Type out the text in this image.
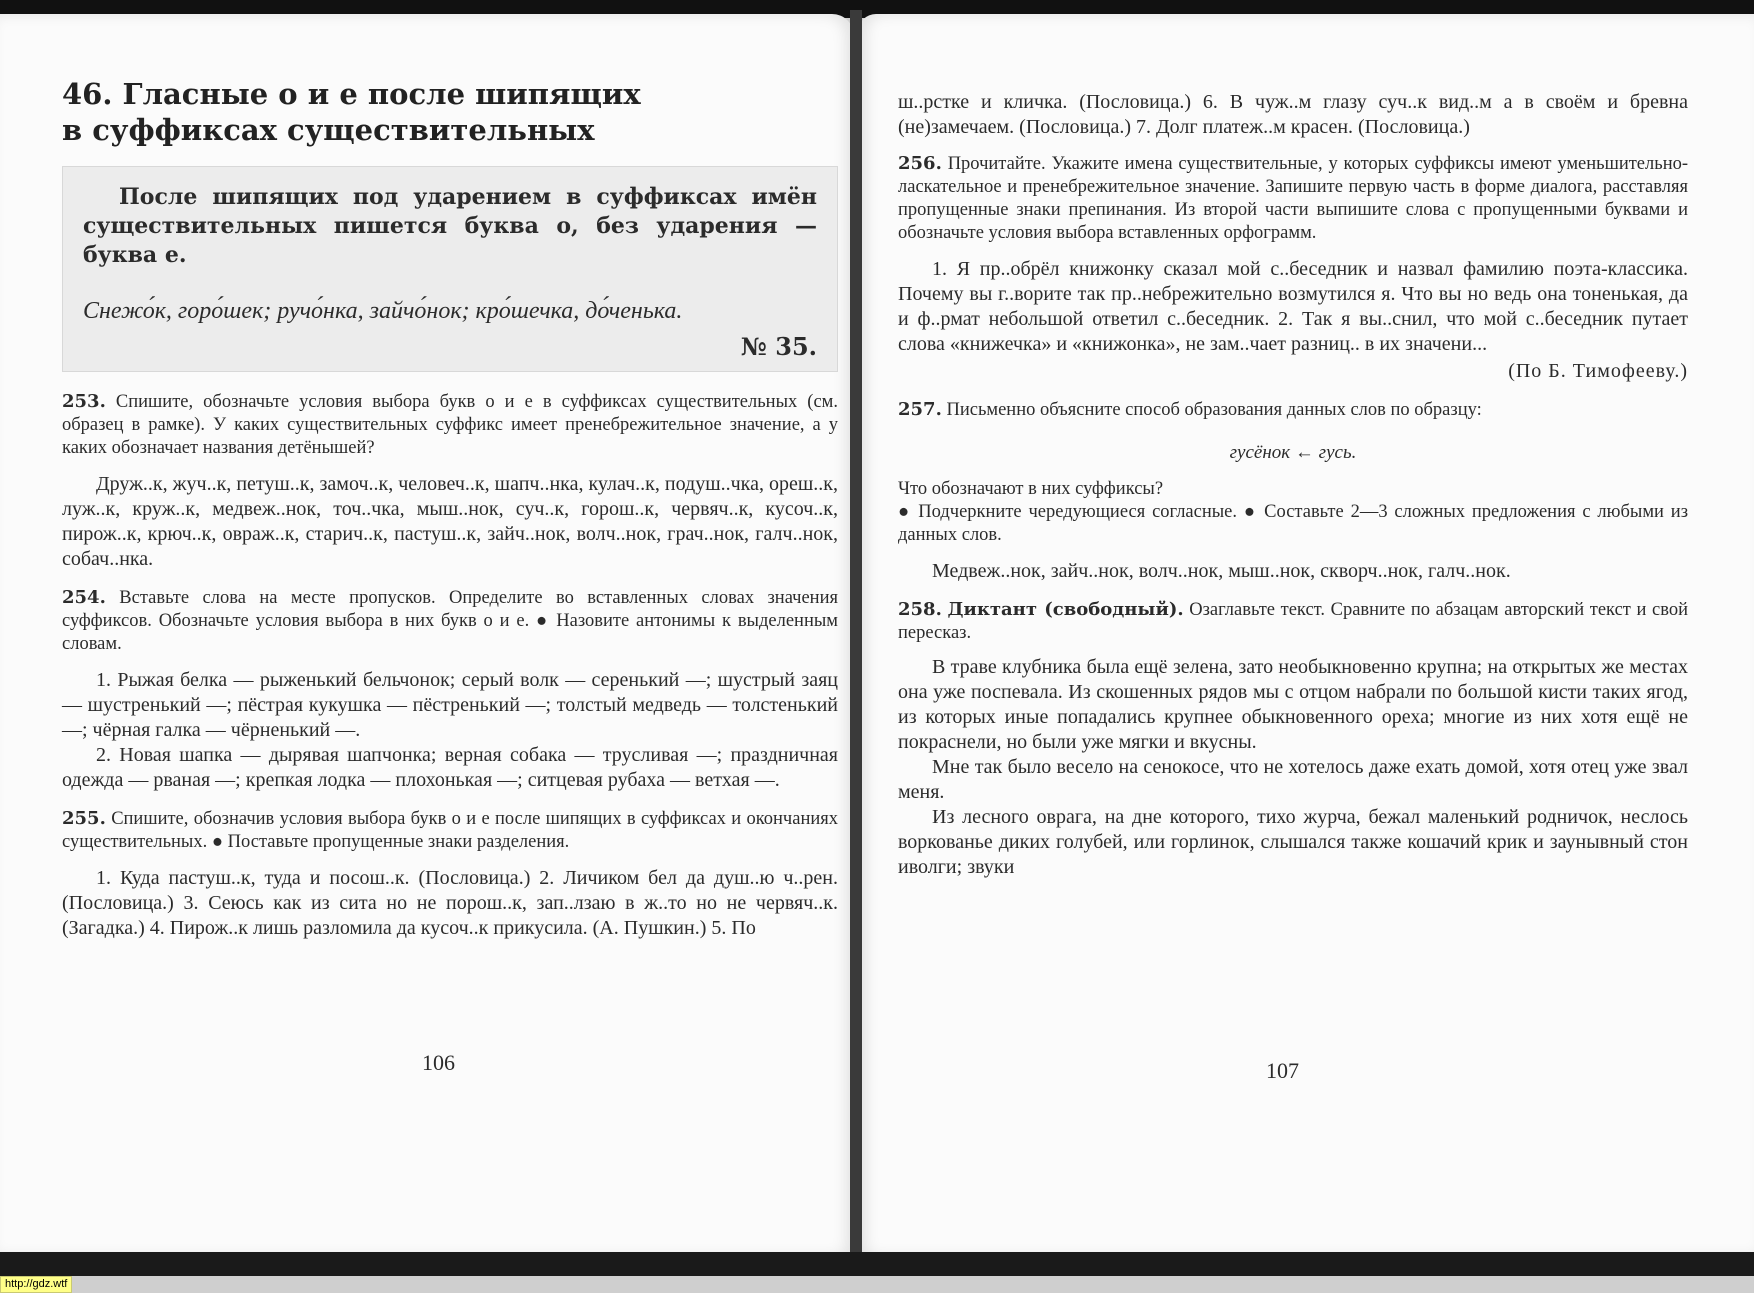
46. Гласные о и е после шипящих
в суффиксах существительных

После шипящих под ударением в суффиксах имён существительных пишется буква о, без ударения — буква е.

Снежо́к, горо́шек; ручо́нка, зайчо́нок; кро́шечка, до́ченька.
№ 35.

253. Спишите, обозначьте условия выбора букв о и е в суффиксах существительных (см. образец в рамке). У каких существительных суффикс имеет пренебрежительное значение, а у каких обозначает названия детёнышей?

Друж..к, жуч..к, петуш..к, замоч..к, человеч..к, шапч..нка, кулач..к, подуш..чка, ореш..к, луж..к, круж..к, медвеж..нок, точ..чка, мыш..нок, суч..к, горош..к, червяч..к, кусоч..к, пирож..к, крюч..к, овраж..к, старич..к, пастуш..к, зайч..нок, волч..нок, грач..нок, галч..нок, собач..нка.

254. Вставьте слова на месте пропусков. Определите во вставленных словах значения суффиксов. Обозначьте условия выбора в них букв о и е. ● Назовите антонимы к выделенным словам.

1. Рыжая белка — рыженький бельчонок; серый волк — серенький —; шустрый заяц — шустренький —; пёстрая кукушка — пёстренький —; толстый медведь — толстенький —; чёрная галка — чёрненький —.

2. Новая шапка — дырявая шапчонка; верная собака — трусливая —; праздничная одежда — рваная —; крепкая лодка — плохонькая —; ситцевая рубаха — ветхая —.

255. Спишите, обозначив условия выбора букв о и е после шипящих в суффиксах и окончаниях существительных. ● Поставьте пропущенные знаки разделения.

1. Куда пастуш..к, туда и посош..к. (Пословица.) 2. Личиком бел да душ..ю ч..рен. (Пословица.) 3. Сеюсь как из сита но не порош..к, зап..лзаю в ж..то но не червяч..к. (Загадка.) 4. Пирож..к лишь разломила да кусоч..к прикусила. (А. Пушкин.) 5. По

106

ш..рстке и кличка. (Пословица.) 6. В чуж..м глазу суч..к вид..м а в своём и бревна (не)замечаем. (Пословица.) 7. Долг платеж..м красен. (Пословица.)

256. Прочитайте. Укажите имена существительные, у которых суффиксы имеют уменьшительно-ласкательное и пренебрежительное значение. Запишите первую часть в форме диалога, расставляя пропущенные знаки препинания. Из второй части выпишите слова с пропущенными буквами и обозначьте условия выбора вставленных орфограмм.

1. Я пр..обрёл книжонку сказал мой с..беседник и назвал фамилию поэта-классика. Почему вы г..ворите так пр..небрежительно возмутился я. Что вы но ведь она тоненькая, да и ф..рмат небольшой ответил с..беседник. 2. Так я вы..снил, что мой с..беседник путает слова «книжечка» и «книжонка», не зам..чает разниц.. в их значени...

(По Б. Тимофееву.)

257. Письменно объясните способ образования данных слов по образцу:

гусёнок ← гусь.

Что обозначают в них суффиксы?

● Подчеркните чередующиеся согласные. ● Составьте 2—3 сложных предложения с любыми из данных слов.

Медвеж..нок, зайч..нок, волч..нок, мыш..нок, скворч..нок, галч..нок.

258. Диктант (свободный). Озаглавьте текст. Сравните по абзацам авторский текст и свой пересказ.

В траве клубника была ещё зелена, зато необыкновенно крупна; на открытых же местах она уже поспевала. Из скошенных рядов мы с отцом набрали по большой кисти таких ягод, из которых иные попадались крупнее обыкновенного ореха; многие из них хотя ещё не покраснели, но были уже мягки и вкусны.

Мне так было весело на сенокосе, что не хотелось даже ехать домой, хотя отец уже звал меня.

Из лесного оврага, на дне которого, тихо журча, бежал маленький родничок, неслось воркованье диких голубей, или горлинок, слышался также кошачий крик и заунывный стон иволги; звуки

107
http://gdz.wtf
